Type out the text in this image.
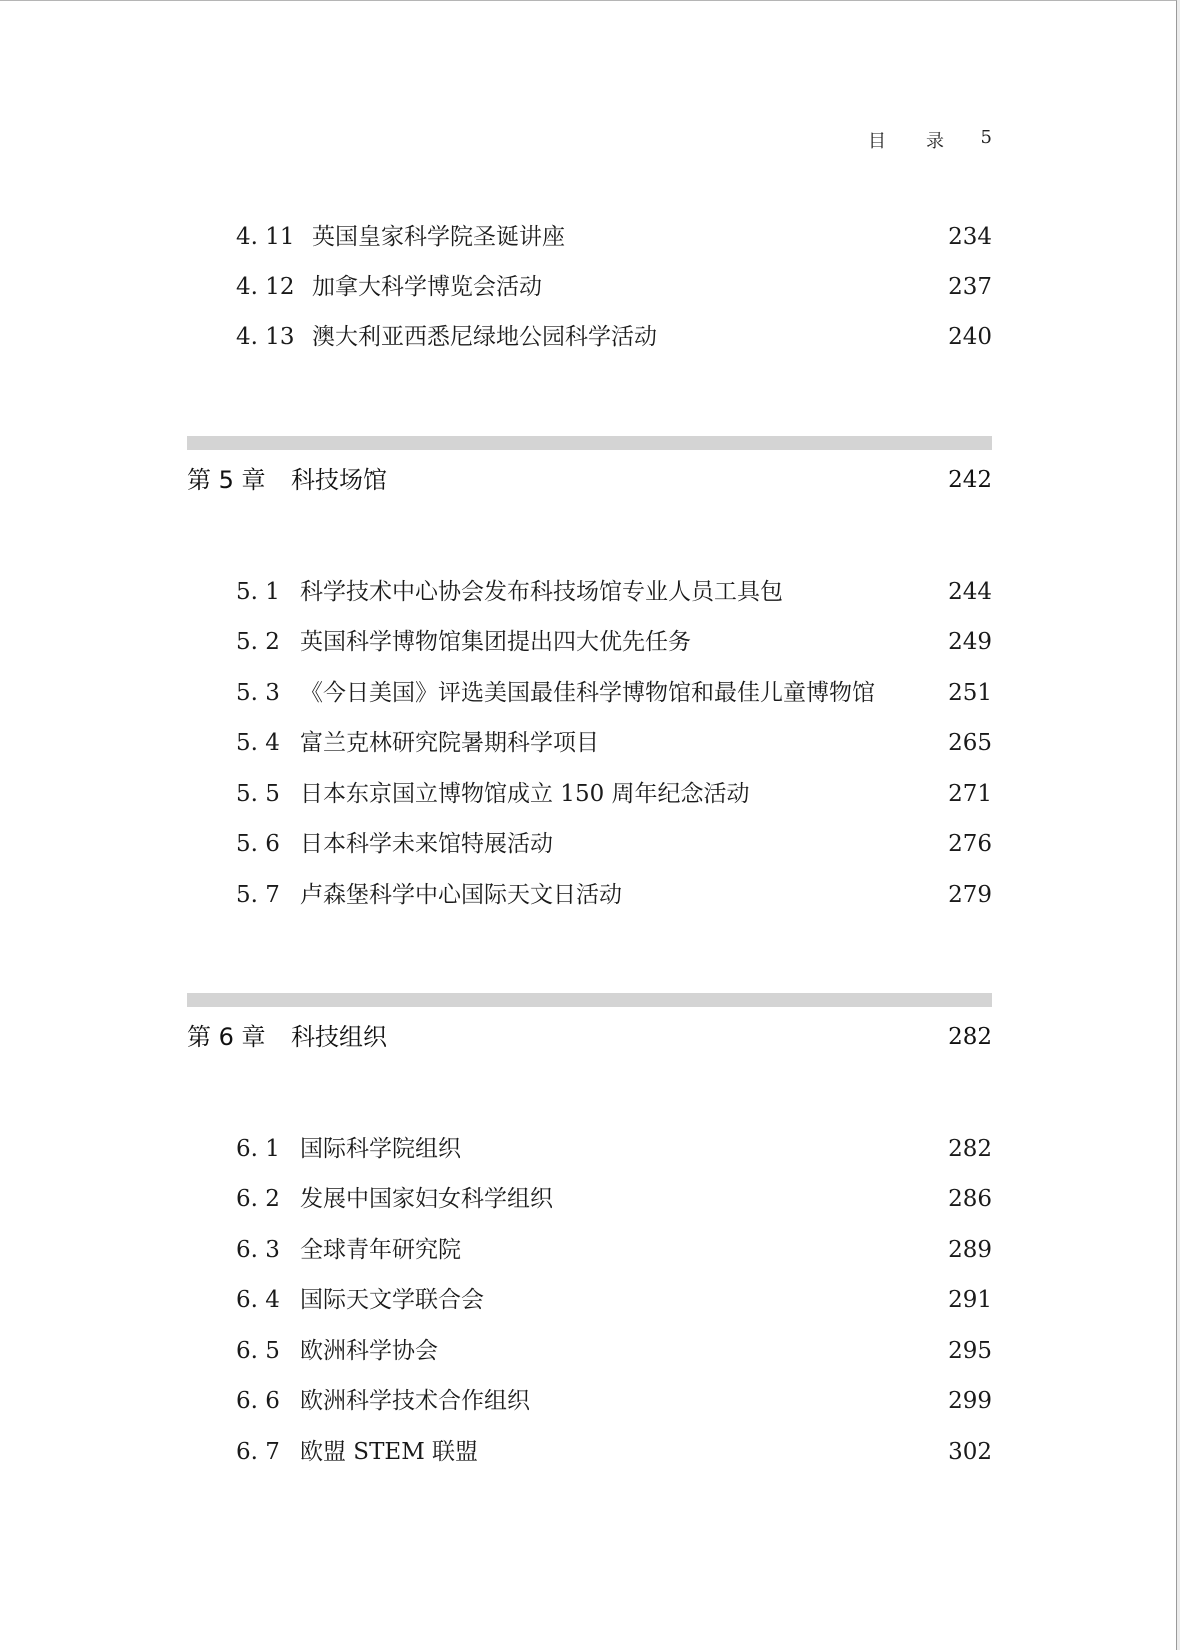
目 录 5
4. 11 英国皇家科学院圣诞讲座	234
4. 12 加拿大科学博览会活动	237
4. 13 澳大利亚西悉尼绿地公园科学活动	240
第 5 章 科技场馆	242
5. 1 科学技术中心协会发布科技场馆专业人员工具包	244
5. 2 英国科学博物馆集团提出四大优先任务	249
5. 3 《今日美国》评选美国最佳科学博物馆和最佳儿童博物馆	251
5. 4 富兰克林研究院暑期科学项目	265
5. 5 日本东京国立博物馆成立 150 周年纪念活动	271
5. 6 日本科学未来馆特展活动	276
5. 7 卢森堡科学中心国际天文日活动	279
第 6 章 科技组织	282
6. 1 国际科学院组织	282
6. 2 发展中国家妇女科学组织	286
6. 3 全球青年研究院	289
6. 4 国际天文学联合会	291
6. 5 欧洲科学协会	295
6. 6 欧洲科学技术合作组织	299
6. 7 欧盟 STEM 联盟	302
